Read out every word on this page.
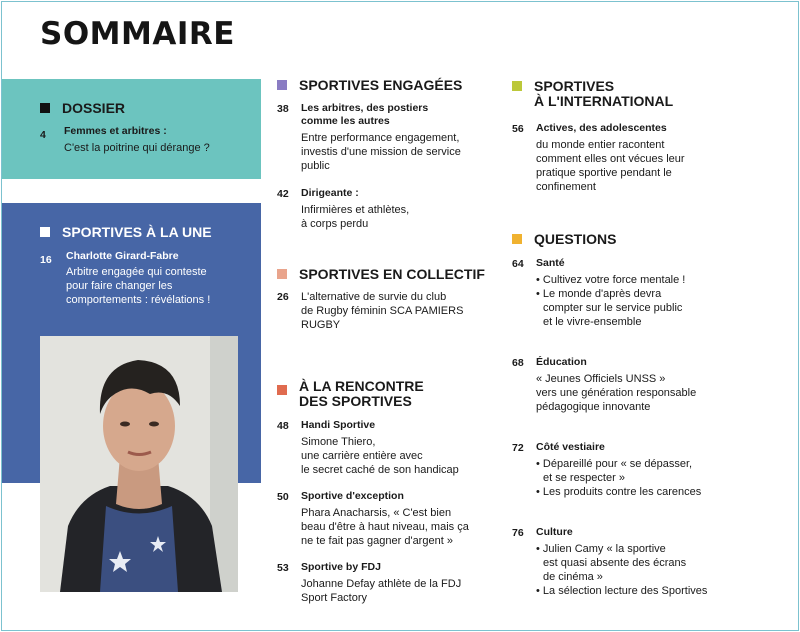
SOMMAIRE
DOSSIER
4 Femmes et arbitres :
C'est la poitrine qui dérange ?
SPORTIVES À LA UNE
16 Charlotte Girard-Fabre
Arbitre engagée qui conteste
pour faire changer les
comportements : révélations !
SPORTIVES ENGAGÉES
38 Les arbitres, des postiers
comme les autres
Entre performance engagement,
investis d'une mission de service
public
42 Dirigeante :
Infirmières et athlètes,
à corps perdu
SPORTIVES EN COLLECTIF
26 L'alternative de survie du club
de Rugby féminin SCA PAMIERS
RUGBY
À LA RENCONTRE
DES SPORTIVES
48 Handi Sportive
Simone Thiero,
une carrière entière avec
le secret caché de son handicap
50 Sportive d'exception
Phara Anacharsis, « C'est bien
beau d'être à haut niveau, mais ça
ne te fait pas gagner d'argent »
53 Sportive by FDJ
Johanne Defay athlète de la FDJ
Sport Factory
SPORTIVES
À L'INTERNATIONAL
56 Actives, des adolescentes
du monde entier racontent
comment elles ont vécues leur
pratique sportive pendant le
confinement
QUESTIONS
64 Santé
• Cultivez votre force mentale !
• Le monde d'après devra
compter sur le service public
et le vivre-ensemble
68 Éducation
« Jeunes Officiels UNSS »
vers une génération responsable
pédagogique innovante
72 Côté vestiaire
• Dépareillé pour « se dépasser,
et se respecter »
• Les produits contre les carences
76 Culture
• Julien Camy « la sportive
est quasi absente des écrans
de cinéma »
• La sélection lecture des Sportives
